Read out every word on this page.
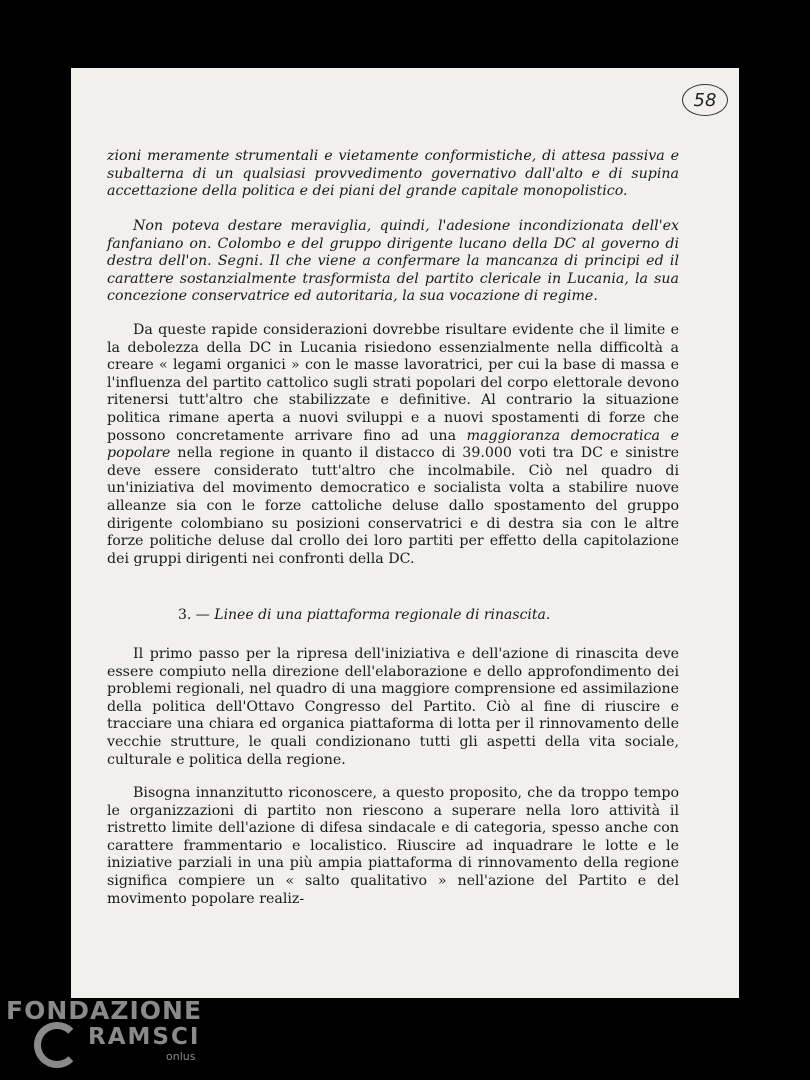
58

zioni meramente strumentali e vietamente conformistiche, di attesa passiva e subalterna di un qualsiasi provvedimento governativo dall'alto e di supina accettazione della politica e dei piani del grande capitale monopolistico.

Non poteva destare meraviglia, quindi, l'adesione incondizionata dell'ex fanfaniano on. Colombo e del gruppo dirigente lucano della DC al governo di destra dell'on. Segni. Il che viene a confermare la mancanza di principi ed il carattere sostanzialmente trasformista del partito clericale in Lucania, la sua concezione conservatrice ed autoritaria, la sua vocazione di regime.

Da queste rapide considerazioni dovrebbe risultare evidente che il limite e la debolezza della DC in Lucania risiedono essenzialmente nella difficoltà a creare « legami organici » con le masse lavoratrici, per cui la base di massa e l'influenza del partito cattolico sugli strati popolari del corpo elettorale devono ritenersi tutt'altro che stabilizzate e definitive. Al contrario la situazione politica rimane aperta a nuovi sviluppi e a nuovi spostamenti di forze che possono concretamente arrivare fino ad una maggioranza democratica e popolare nella regione in quanto il distacco di 39.000 voti tra DC e sinistre deve essere considerato tutt'altro che incolmabile. Ciò nel quadro di un'iniziativa del movimento democratico e socialista volta a stabilire nuove alleanze sia con le forze cattoliche deluse dallo spostamento del gruppo dirigente colombiano su posizioni conservatrici e di destra sia con le altre forze politiche deluse dal crollo dei loro partiti per effetto della capitolazione dei gruppi dirigenti nei confronti della DC.

3. — Linee di una piattaforma regionale di rinascita.

Il primo passo per la ripresa dell'iniziativa e dell'azione di rinascita deve essere compiuto nella direzione dell'elaborazione e dello approfondimento dei problemi regionali, nel quadro di una maggiore comprensione ed assimilazione della politica dell'Ottavo Congresso del Partito. Ciò al fine di riuscire e tracciare una chiara ed organica piattaforma di lotta per il rinnovamento delle vecchie strutture, le quali condizionano tutti gli aspetti della vita sociale, culturale e politica della regione.

Bisogna innanzitutto riconoscere, a questo proposito, che da troppo tempo le organizzazioni di partito non riescono a superare nella loro attività il ristretto limite dell'azione di difesa sindacale e di categoria, spesso anche con carattere frammentario e localistico. Riuscire ad inquadrare le lotte e le iniziative parziali in una più ampia piattaforma di rinnovamento della regione significa compiere un « salto qualitativo » nell'azione del Partito e del movimento popolare realiz-

FONDAZIONE
RAMSCI
onlus
